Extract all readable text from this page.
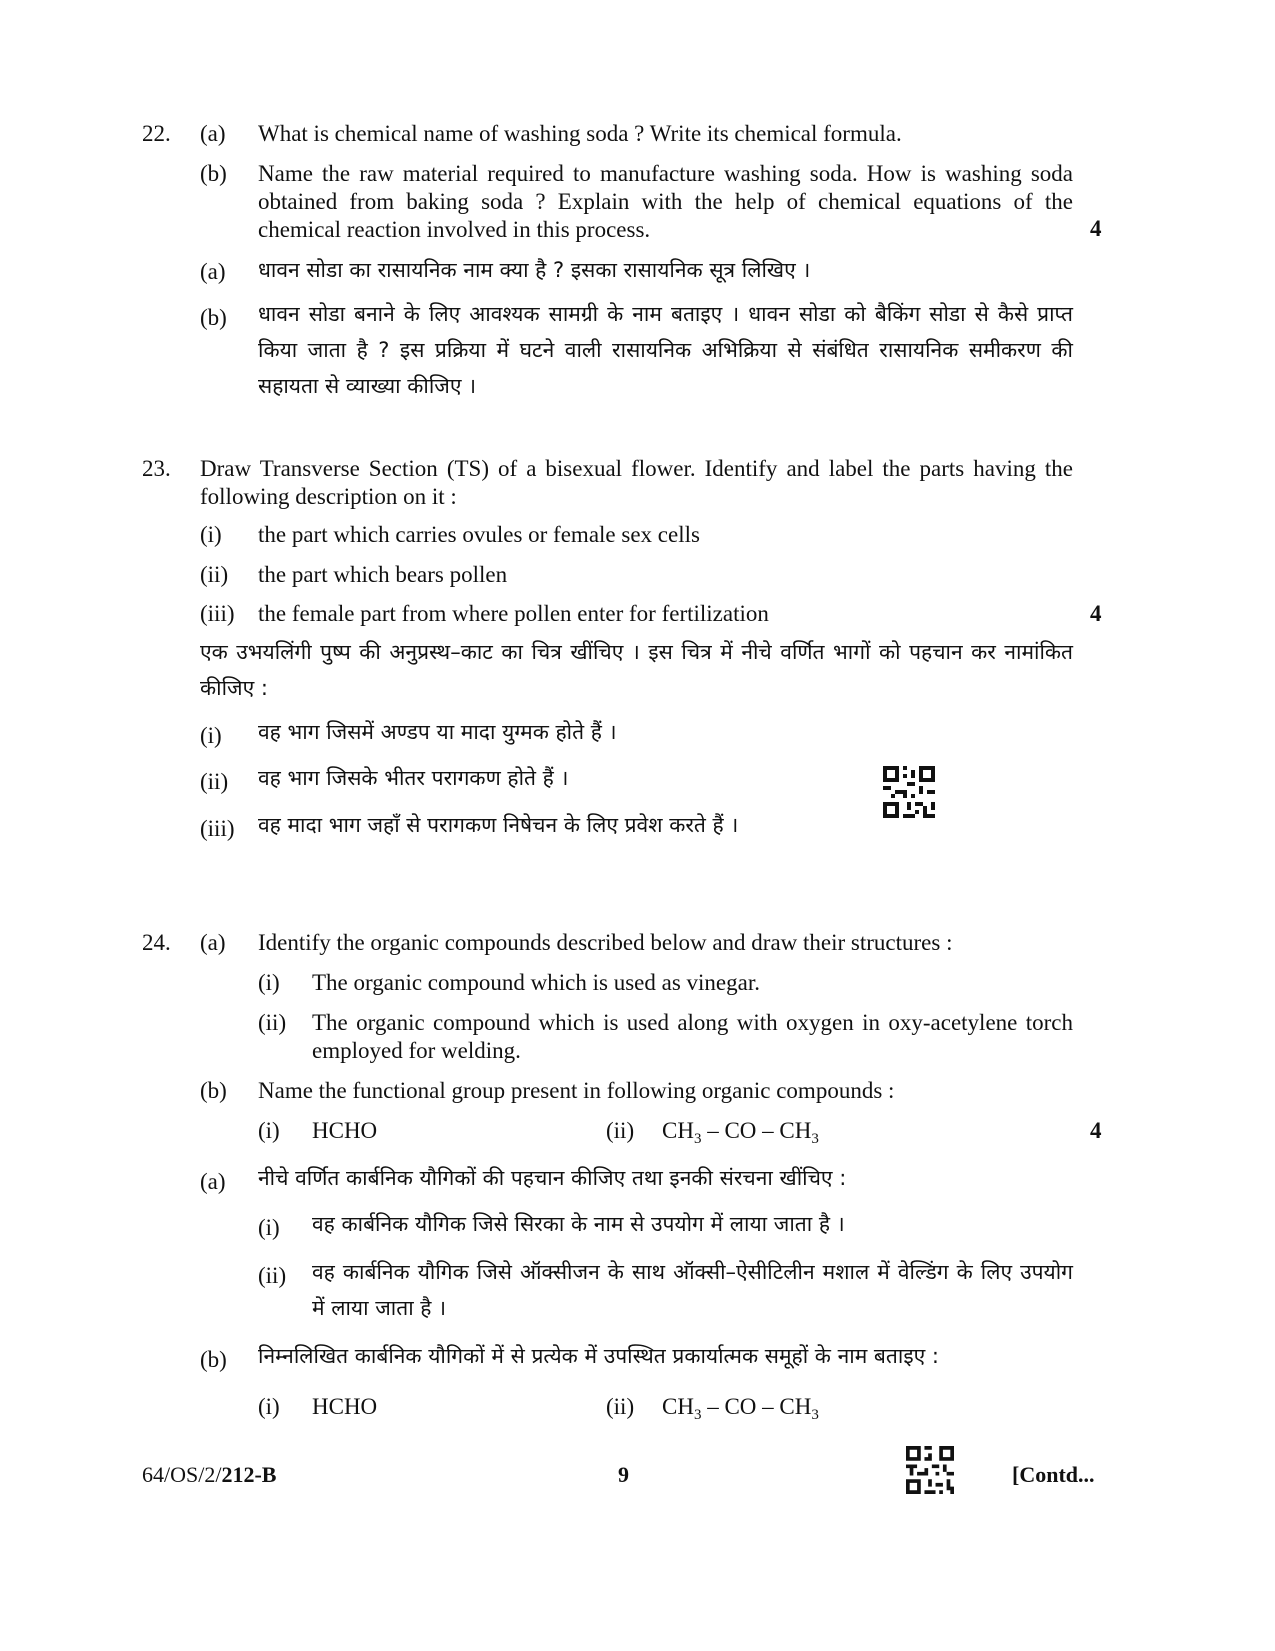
22. (a) What is chemical name of washing soda ? Write its chemical formula.
(b) Name the raw material required to manufacture washing soda. How is washing soda obtained from baking soda ? Explain with the help of chemical equations of the chemical reaction involved in this process.	4
(a) धावन सोडा का रासायनिक नाम क्या है ? इसका रासायनिक सूत्र लिखिए ।
(b) धावन सोडा बनाने के लिए आवश्यक सामग्री के नाम बताइए । धावन सोडा को बैकिंग सोडा से कैसे प्राप्त किया जाता है ? इस प्रक्रिया में घटने वाली रासायनिक अभिक्रिया से संबंधित रासायनिक समीकरण की सहायता से व्याख्या कीजिए ।
23. Draw Transverse Section (TS) of a bisexual flower. Identify and label the parts having the following description on it :
(i) the part which carries ovules or female sex cells
(ii) the part which bears pollen
(iii) the female part from where pollen enter for fertilization	4
एक उभयलिंगी पुष्प की अनुप्रस्थ–काट का चित्र खींचिए । इस चित्र में नीचे वर्णित भागों को पहचान कर नामांकित कीजिए :
(i) वह भाग जिसमें अण्डप या मादा युग्मक होते हैं ।
(ii) वह भाग जिसके भीतर परागकण होते हैं ।
(iii) वह मादा भाग जहाँ से परागकण निषेचन के लिए प्रवेश करते हैं ।
24. (a) Identify the organic compounds described below and draw their structures :
(i) The organic compound which is used as vinegar.
(ii) The organic compound which is used along with oxygen in oxy-acetylene torch employed for welding.
(b) Name the functional group present in following organic compounds :
(i) HCHO	(ii) $CH_3$ – CO – $CH_3$	4
(a) नीचे वर्णित कार्बनिक यौगिकों की पहचान कीजिए तथा इनकी संरचना खींचिए :
(i) वह कार्बनिक यौगिक जिसे सिरका के नाम से उपयोग में लाया जाता है ।
(ii) वह कार्बनिक यौगिक जिसे ऑक्सीजन के साथ ऑक्सी–ऐसीटिलीन मशाल में वेल्डिंग के लिए उपयोग में लाया जाता है ।
(b) निम्नलिखित कार्बनिक यौगिकों में से प्रत्येक में उपस्थित प्रकार्यात्मक समूहों के नाम बताइए :
(i) HCHO	(ii) $CH_3$ – CO – $CH_3$
64/OS/2/212-B	9	[Contd...
